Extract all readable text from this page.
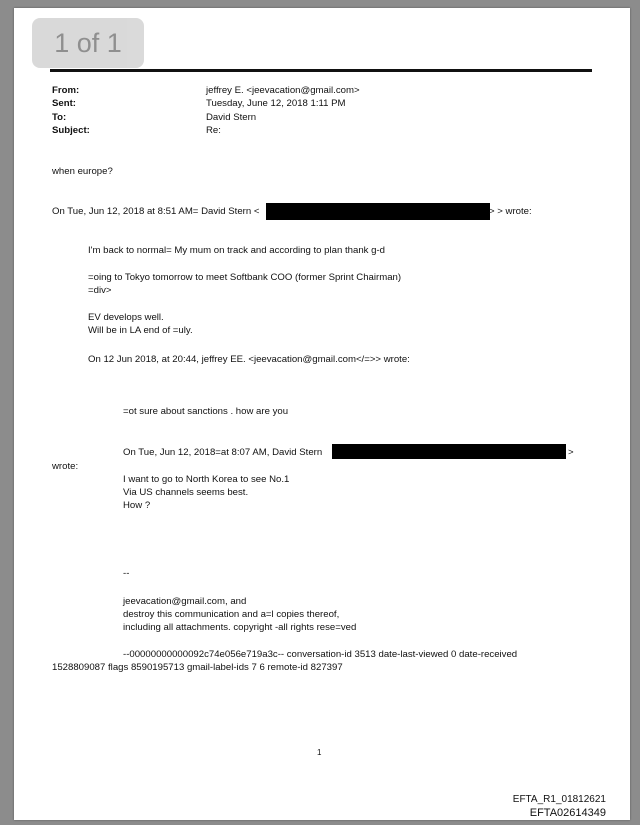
1 of 1
From:	jeffrey E. <jeevacation@gmail.com>
Sent:	Tuesday, June 12, 2018 1:11 PM
To:	David Stern
Subject:	Re:
when europe?
On Tue, Jun 12, 2018 at 8:51 AM= David Stern <	> > wrote:
I'm back to normal= My mum on track and according to plan thank g-d
=oing to Tokyo tomorrow to meet Softbank COO (former Sprint Chairman)
=div>
EV develops well.
Will be in LA end of =uly.
On 12 Jun 2018, at 20:44, jeffrey EE. <jeevacation@gmail.com</=>> wrote:
=ot sure about sanctions . how are you
On Tue, Jun 12, 2018=at 8:07 AM, David Stern	>
wrote:
I want to go to North Korea to see No.1
Via US channels seems best.
How ?
--
jeevacation@gmail.com, and
destroy this communication and a=l copies thereof,
including all attachments. copyright -all rights rese=ved
--00000000000092c74e056e719a3c-- conversation-id 3513 date-last-viewed 0 date-received
1528809087 flags 8590195713 gmail-label-ids 7 6 remote-id 827397
1
EFTA_R1_01812621
EFTA02614349
